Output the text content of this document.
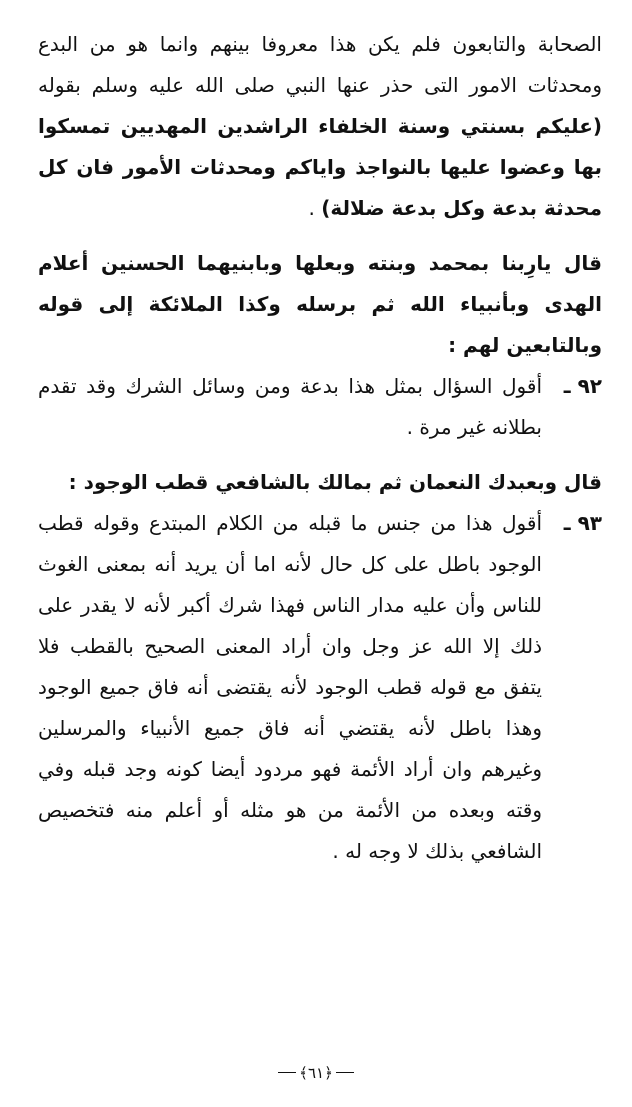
الصحابة والتابعون فلم يكن هذا معروفا بينهم وانما هو من البدع ومحدثات الامور التى حذر عنها النبي صلى الله عليه وسلم بقوله (عليكم بسنتي وسنة الخلفاء الراشدين المهديين تمسكوا بها وعضوا عليها بالنواجذ واياكم ومحدثات الأمور فان كل محدثة بدعة وكل بدعة ضلالة) .

قال يارِبنا بمحمد وبنته وبعلها وبابنيهما الحسنين أعلام الهدى وبأنبياء الله ثم برسله وكذا الملائكة إلى قوله وبالتابعين لهم :

٩٢ ـ
أقول السؤال بمثل هذا بدعة ومن وسائل الشرك وقد تقدم بطلانه غير مرة .

قال وبعبدك النعمان ثم بمالك بالشافعي قطب الوجود :

٩٣ ـ
أقول هذا من جنس ما قبله من الكلام المبتدع وقوله قطب الوجود باطل على كل حال لأنه اما أن يريد أنه بمعنى الغوث للناس وأن عليه مدار الناس فهذا شرك أكبر لأنه لا يقدر على ذلك إلا الله عز وجل وان أراد المعنى الصحيح بالقطب فلا يتفق مع قوله قطب الوجود لأنه يقتضى أنه فاق جميع الوجود وهذا باطل لأنه يقتضي أنه فاق جميع الأنبياء والمرسلين وغيرهم وان أراد الأئمة فهو مردود أيضا كونه وجد قبله وفي وقته وبعده من الأئمة من هو مثله أو أعلم منه فتخصيص الشافعي بذلك لا وجه له .
﴿٦١﴾
